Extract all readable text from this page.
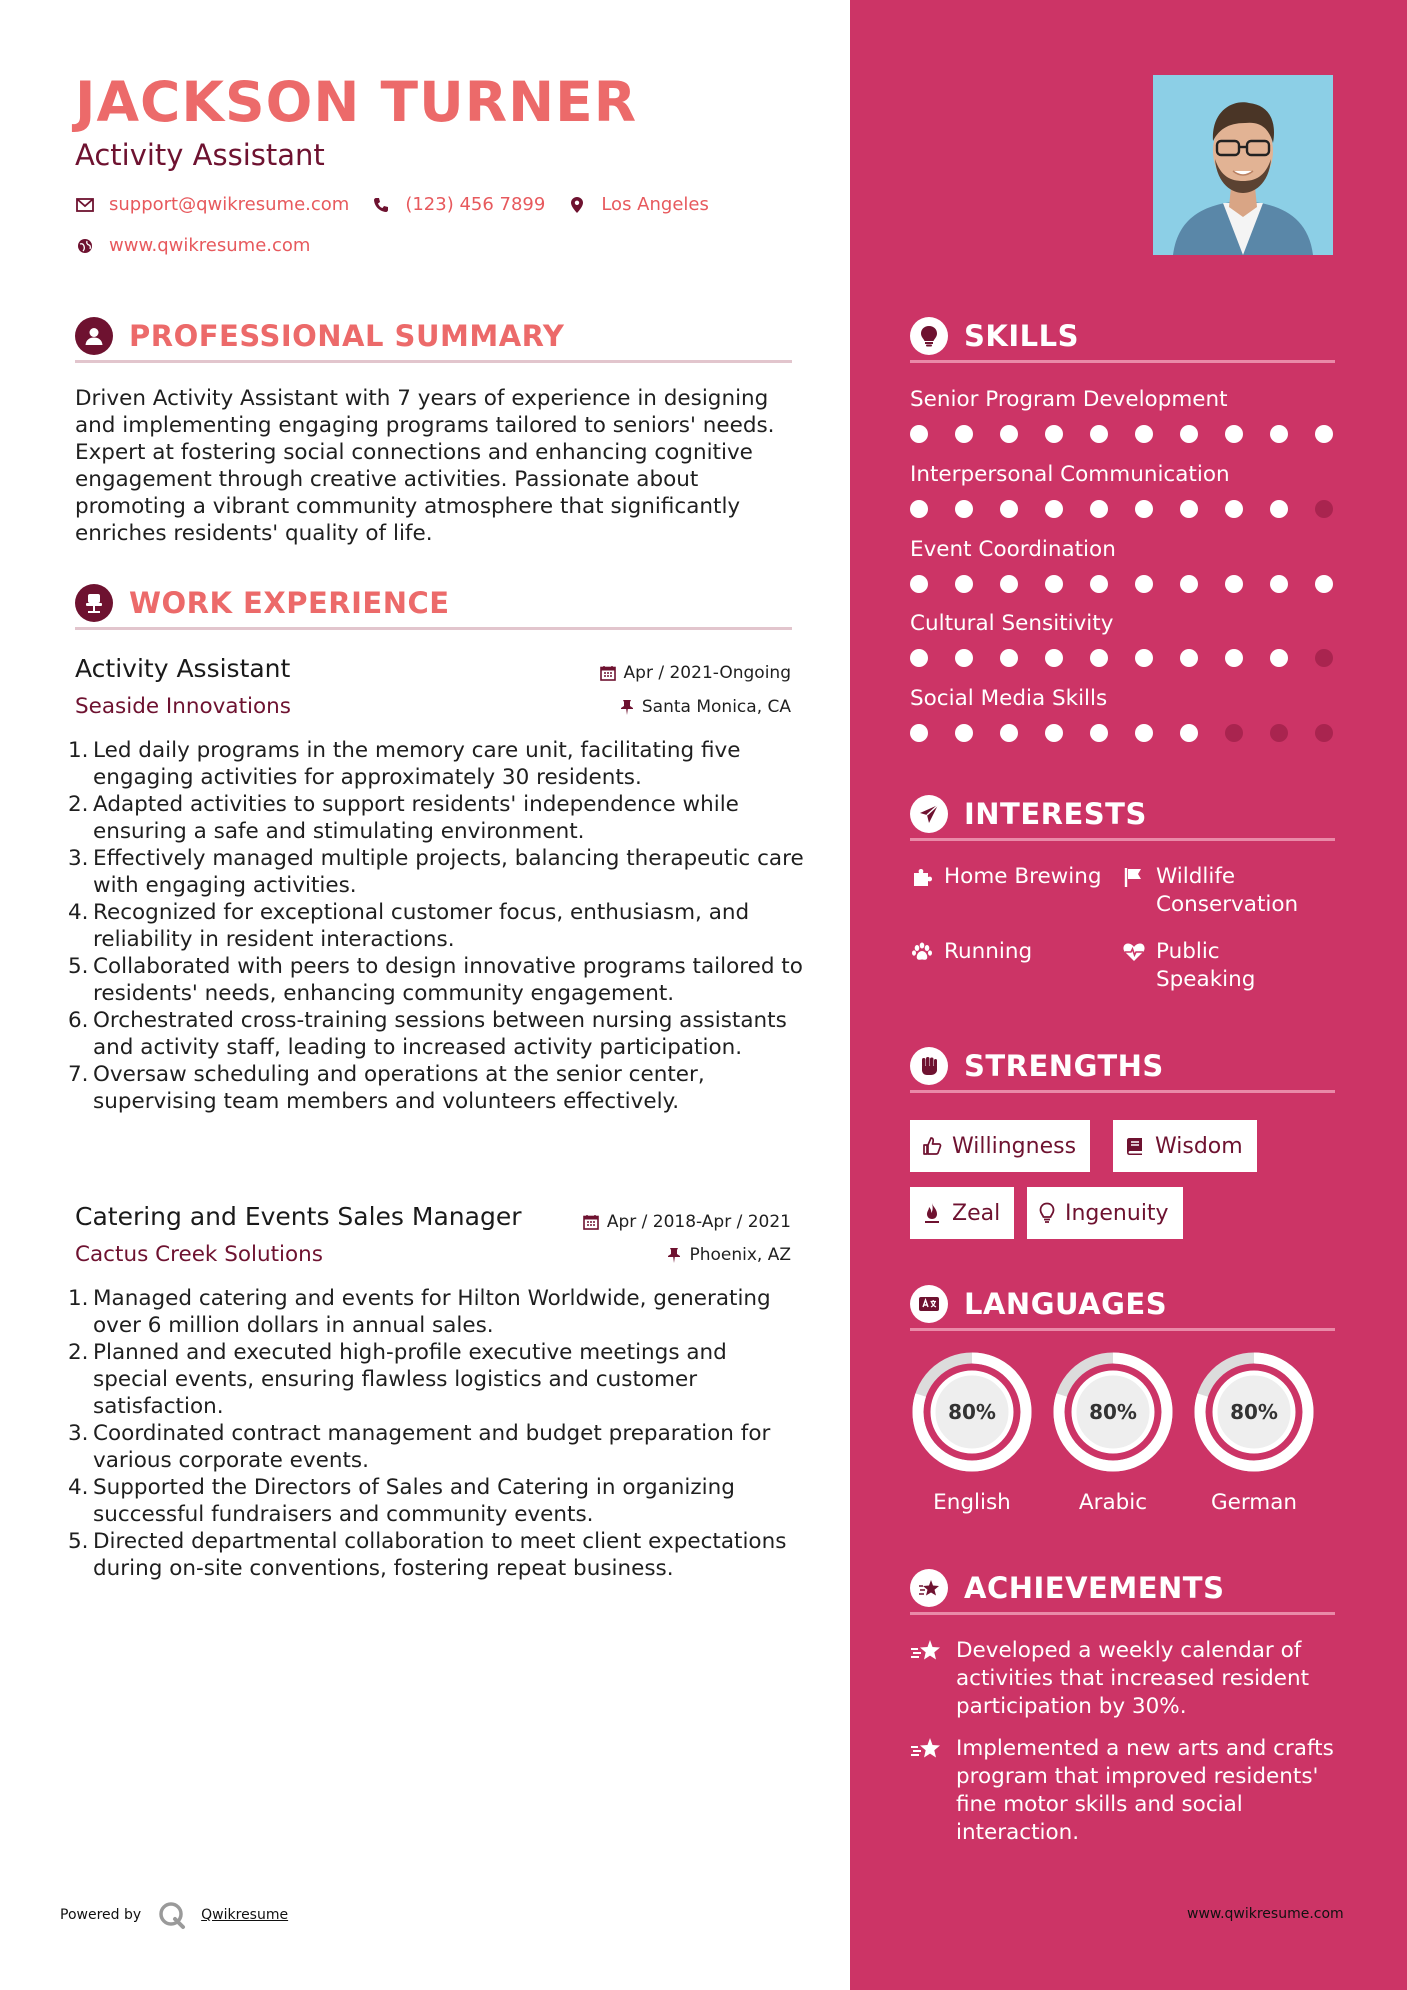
JACKSON TURNER
Activity Assistant
support@qwikresume.com	(123) 456 7899	Los Angeles
www.qwikresume.com
PROFESSIONAL SUMMARY
Driven Activity Assistant with 7 years of experience in designing and implementing engaging programs tailored to seniors' needs. Expert at fostering social connections and enhancing cognitive engagement through creative activities. Passionate about promoting a vibrant community atmosphere that significantly enriches residents' quality of life.
WORK EXPERIENCE
Activity Assistant	Apr / 2021-Ongoing
Seaside Innovations	Santa Monica, CA
1. Led daily programs in the memory care unit, facilitating five engaging activities for approximately 30 residents.
2. Adapted activities to support residents' independence while ensuring a safe and stimulating environment.
3. Effectively managed multiple projects, balancing therapeutic care with engaging activities.
4. Recognized for exceptional customer focus, enthusiasm, and reliability in resident interactions.
5. Collaborated with peers to design innovative programs tailored to residents' needs, enhancing community engagement.
6. Orchestrated cross-training sessions between nursing assistants and activity staff, leading to increased activity participation.
7. Oversaw scheduling and operations at the senior center, supervising team members and volunteers effectively.
Catering and Events Sales Manager	Apr / 2018-Apr / 2021
Cactus Creek Solutions	Phoenix, AZ
1. Managed catering and events for Hilton Worldwide, generating over 6 million dollars in annual sales.
2. Planned and executed high-profile executive meetings and special events, ensuring flawless logistics and customer satisfaction.
3. Coordinated contract management and budget preparation for various corporate events.
4. Supported the Directors of Sales and Catering in organizing successful fundraisers and community events.
5. Directed departmental collaboration to meet client expectations during on-site conventions, fostering repeat business.
Powered by	Qwikresume
SKILLS
Senior Program Development
Interpersonal Communication
Event Coordination
Cultural Sensitivity
Social Media Skills
INTERESTS
Home Brewing	Wildlife Conservation
Running	Public Speaking
STRENGTHS
Willingness	Wisdom
Zeal	Ingenuity
LANGUAGES
80%
English
80%
Arabic
80%
German
ACHIEVEMENTS
Developed a weekly calendar of activities that increased resident participation by 30%.
Implemented a new arts and crafts program that improved residents' fine motor skills and social interaction.
www.qwikresume.com
